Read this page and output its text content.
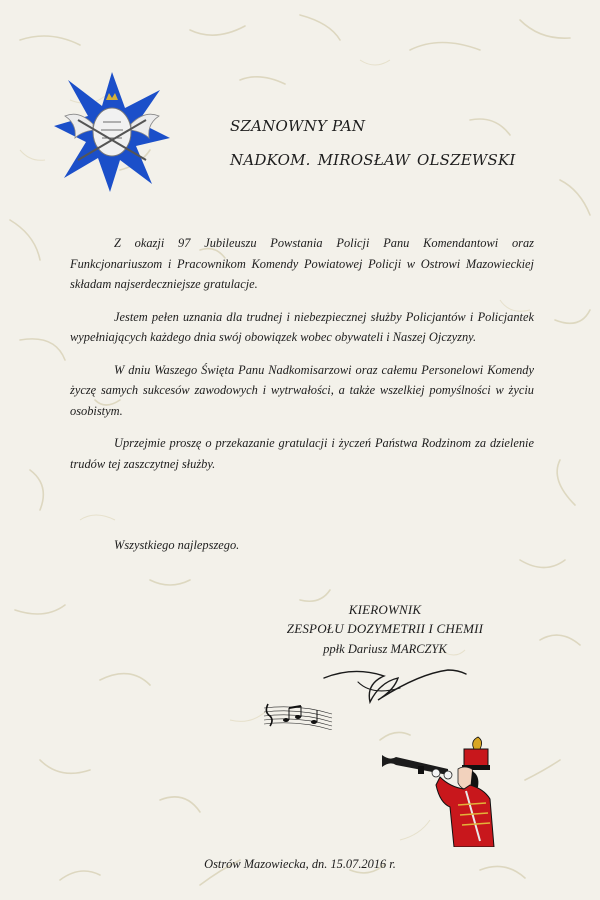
SZANOWNY PAN
NADKOM. MIROSŁAW OLSZEWSKI

Z okazji 97 Jubileuszu Powstania Policji Panu Komendantowi oraz Funkcjonariuszom i Pracownikom Komendy Powiatowej Policji w Ostrowi Mazowieckiej składam najserdeczniejsze gratulacje.

Jestem pełen uznania dla trudnej i niebezpiecznej służby Policjantów i Policjantek wypełniających każdego dnia swój obowiązek wobec obywateli i Naszej Ojczyzny.

W dniu Waszego Święta Panu Nadkomisarzowi oraz całemu Personelowi Komendy życzę samych sukcesów zawodowych i wytrwałości, a także wszelkiej pomyślności w życiu osobistym.

Uprzejmie proszę o przekazanie gratulacji i życzeń Państwa Rodzinom za dzielenie trudów tej zaszczytnej służby.

Wszystkiego najlepszego.
KIEROWNIK
ZESPOŁU DOZYMETRII I CHEMII
ppłk Dariusz MARCZYK
Ostrów Mazowiecka, dn. 15.07.2016 r.
